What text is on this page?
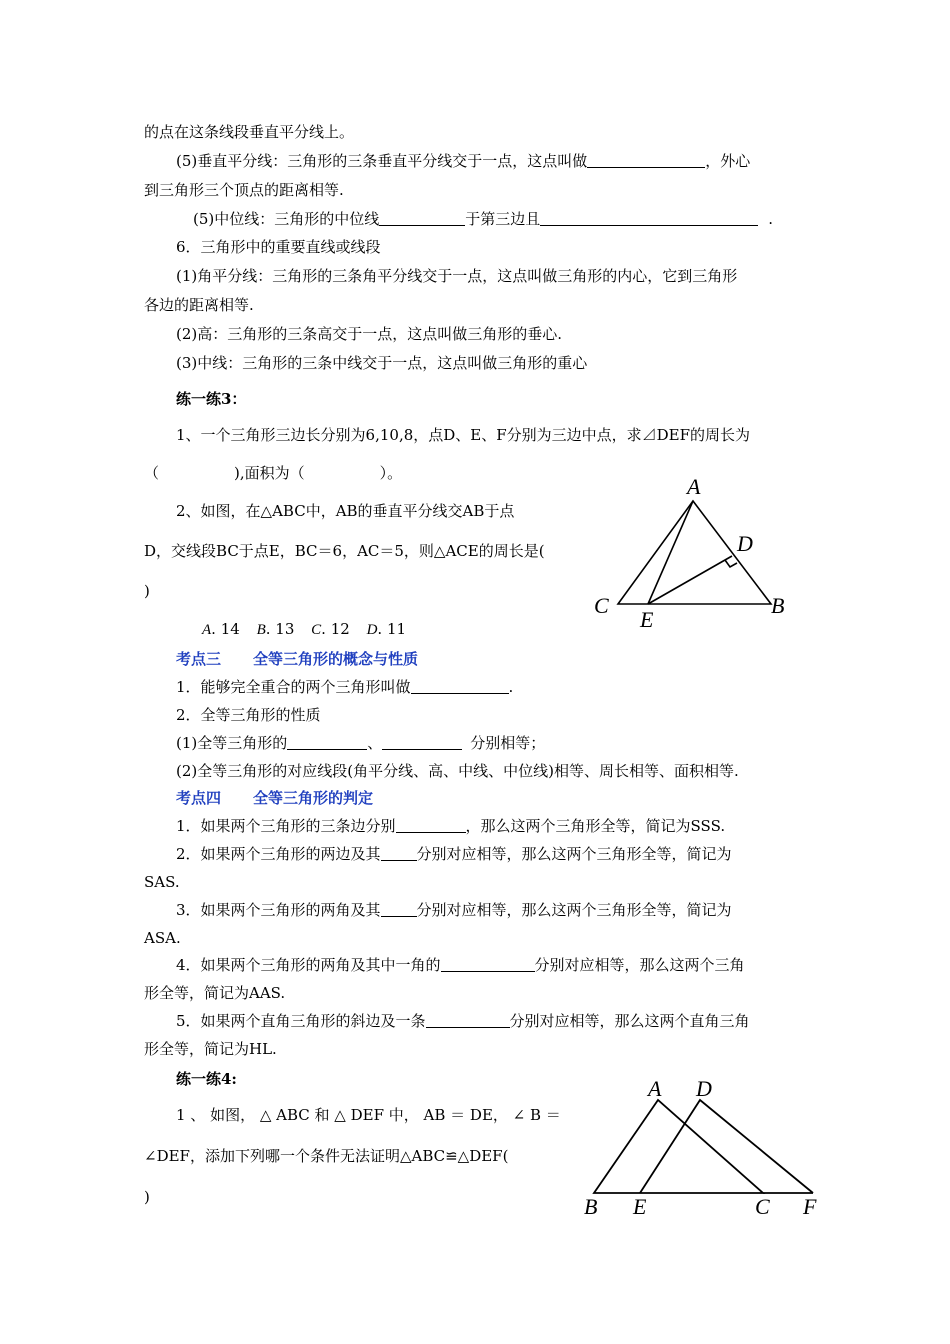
的点在这条线段垂直平分线上。
(5)垂直平分线：三角形的三条垂直平分线交于一点，这点叫做	，外心
到三角形三个顶点的距离相等.
(5)中位线：三角形的中位线	于第三边且	.
6．三角形中的重要直线或线段
(1)角平分线：三角形的三条角平分线交于一点，这点叫做三角形的内心，它到三角形
各边的距离相等.
(2)高：三角形的三条高交于一点，这点叫做三角形的垂心.
(3)中线：三角形的三条中线交于一点，这点叫做三角形的重心
练一练3：
1、一个三角形三边长分别为6,10,8，点D、E、F分别为三边中点，求⊿DEF的周长为
（　　　　　),面积为（　　　　　）。
2、如图，在△ABC中，AB的垂直平分线交AB于点
D，交线段BC于点E，BC＝6，AC＝5，则△ACE的周长是(
)
A. 14 B. 13 C. 12 D. 11
A
D
C
E
B
考点三 全等三角形的概念与性质
1．能够完全重合的两个三角形叫做	.
2．全等三角形的性质
(1)全等三角形的	、	分别相等；
(2)全等三角形的对应线段(角平分线、高、中线、中位线)相等、周长相等、面积相等.
考点四 全等三角形的判定
1．如果两个三角形的三条边分别	，那么这两个三角形全等，简记为SSS.
2．如果两个三角形的两边及其 分别对应相等，那么这两个三角形全等，简记为
SAS.
3．如果两个三角形的两角及其 分别对应相等，那么这两个三角形全等，简记为
ASA.
4．如果两个三角形的两角及其中一角的	分别对应相等，那么这两个三角
形全等，简记为AAS.
5．如果两个直角三角形的斜边及一条	分别对应相等，那么这两个直角三角
形全等，简记为HL.
练一练4:
1 、 如图， △ ABC 和 △ DEF 中， AB ＝ DE， ∠ B ＝
∠DEF，添加下列哪一个条件无法证明△ABC≌△DEF(
)
A D
B E	C F
